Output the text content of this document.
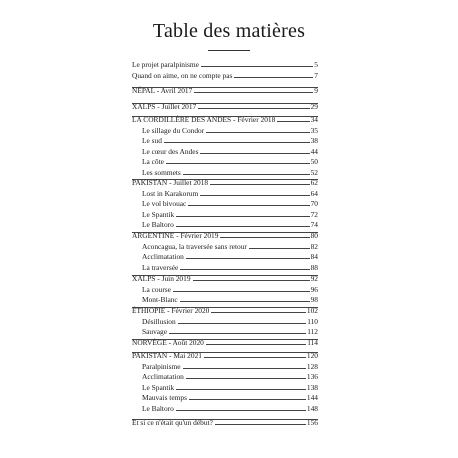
Table des matières
Le projet paralpinisme	5
Quand on aime, on ne compte pas	7
NÉPAL - Avril 2017	9
XALPS - Juillet 2017	29
LA CORDILLÈRE DES ANDES - Février 2018	34
Le sillage du Condor	35
Le sud	38
Le cœur des Andes	44
La côte	50
Les sommets	52
PAKISTAN - Juillet 2018	62
Lost in Karakorum	64
Le vol bivouac	70
Le Spantik	72
Le Baltoro	74
ARGENTINE - Février 2019	80
Aconcagua, la traversée sans retour	82
Acclimatation	84
La traversée	88
XALPS - Juin 2019	92
La course	96
Mont-Blanc	98
ÉTHIOPIE - Février 2020	102
Désillusion	110
Sauvage	112
NORVÈGE - Août 2020	114
PAKISTAN - Mai 2021	120
Paralpinisme	128
Acclimatation	136
Le Spantik	138
Mauvais temps	144
Le Baltoro	148
Et si ce n'était qu'un début?	156
